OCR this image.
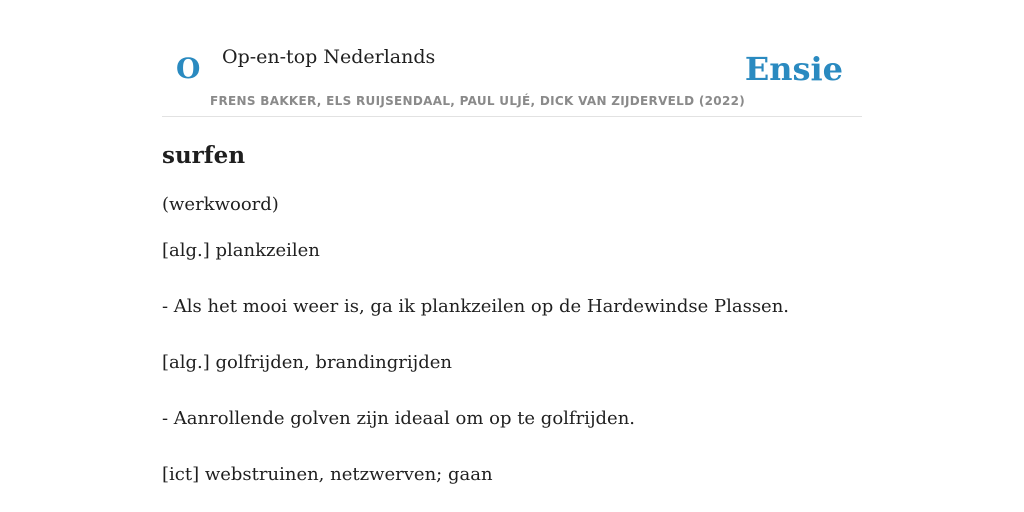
O Op-en-top Nederlands
FRENS BAKKER, ELS RUIJSENDAAL, PAUL ULJÉ, DICK VAN ZIJDERVELD (2022)
Ensie
surfen
(werkwoord)
[alg.] plankzeilen
- Als het mooi weer is, ga ik plankzeilen op de Hardewindse Plassen.
[alg.] golfrijden, brandingrijden
- Aanrollende golven zijn ideaal om op te golfrijden.
[ict] webstruinen, netzwerven; gaan
